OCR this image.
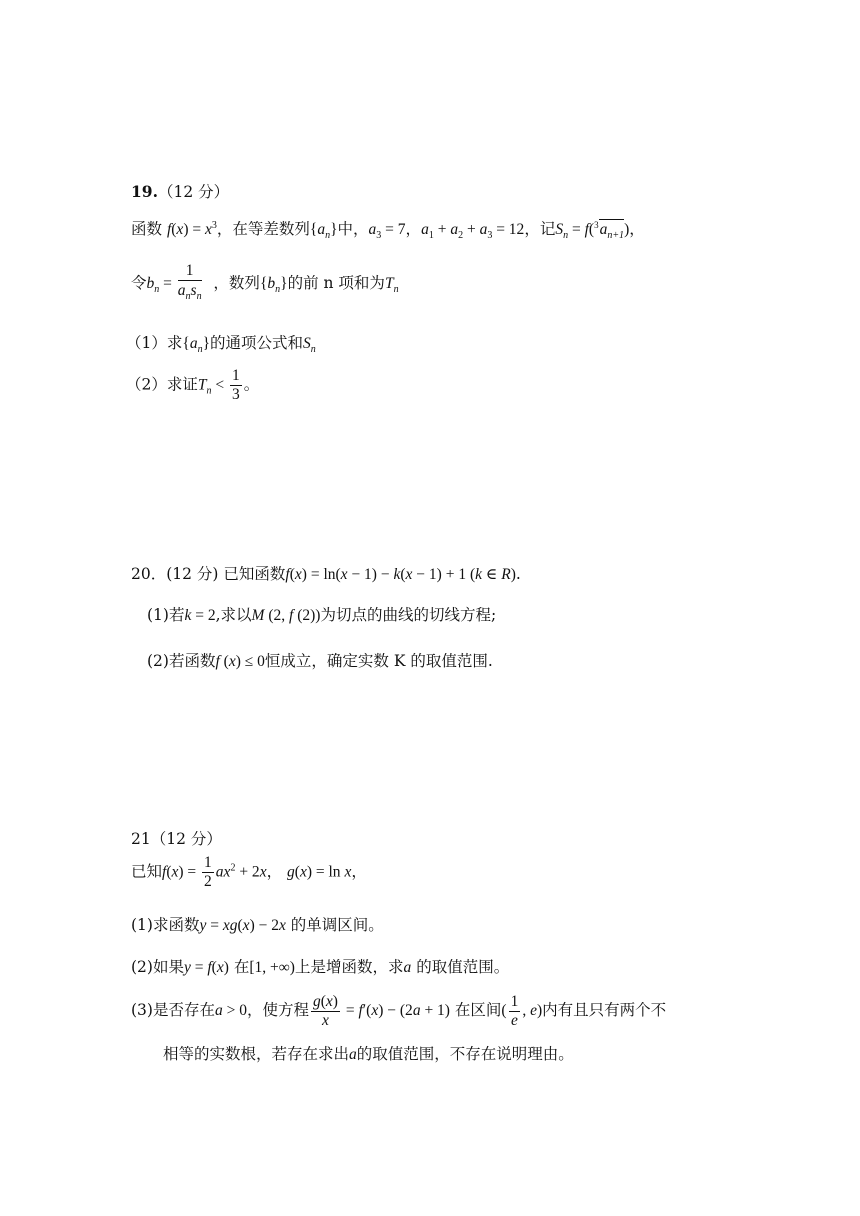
19.（12 分）
函数 $f(x) = x^3$，在等差数列$\{a_n\}$中，$a_3 = 7$，$a_1 + a_2 + a_3 = 12$，记$S_n = f(^3a_{n+1})$，
令$b_n = \frac{1}{a_ns_n}$ ，数列$\{b_n\}$的前 n 项和为$T_n$
（1）求$\{a_n\}$的通项公式和$S_n$
（2）求证$T_n < \frac{1}{3}$ 。
20．(12 分) 已知函数f(x) = ln(x − 1) − k(x − 1) + 1 (k ∈ R).
(1)若k = 2,求以M (2, f (2))为切点的曲线的切线方程;
(2)若函数f (x) ≤ 0恒成立，确定实数 K 的取值范围.
21（12 分）
已知$f(x) = \frac{1}{2} ax^2 + 2x$， g(x) = ln x，
(1)求函数y = xg(x) − 2x 的单调区间。
(2)如果y = f(x) 在[1, +∞)上是增函数，求a 的取值范围。
(3)是否存在a > 0，使方程 $\frac{g(x)}{x} = f'(x) - (2a + 1)$ 在区间( $\frac{1}{e}$ , e)内有且只有两个不
相等的实数根，若存在求出a的取值范围，不存在说明理由。
